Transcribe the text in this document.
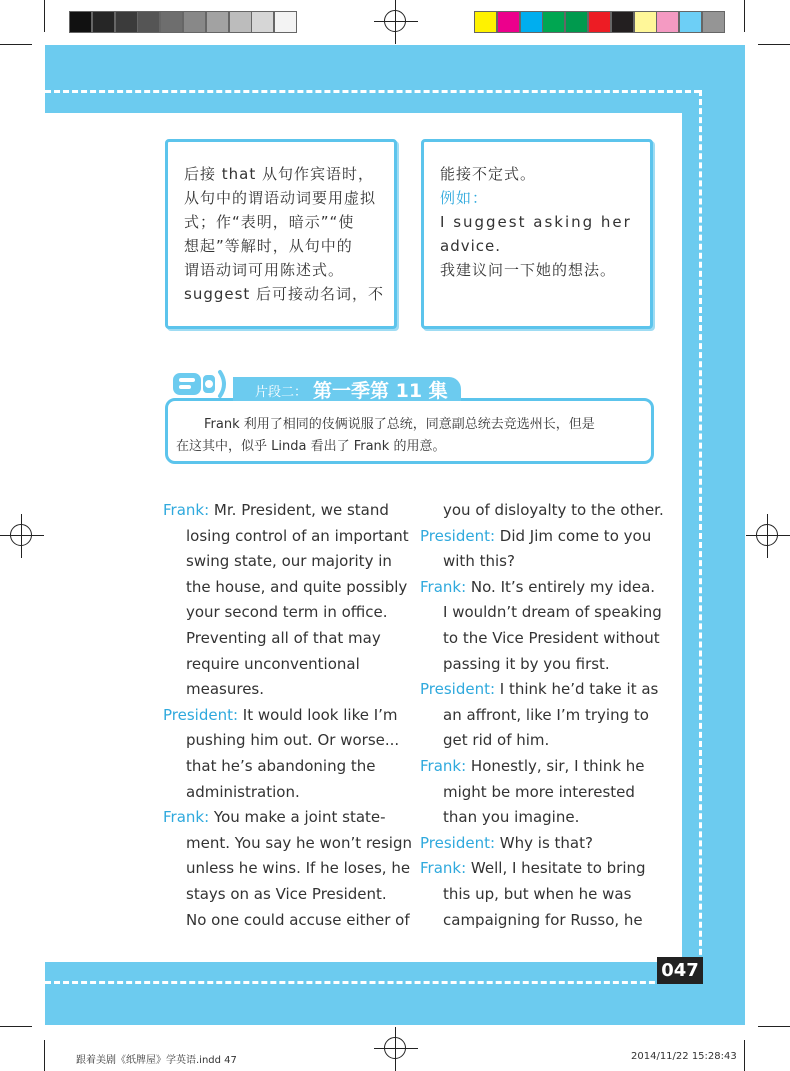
后接 that 从句作宾语时，
从句中的谓语动词要用虚拟
式；作“表明，暗示”“使
想起”等解时，从句中的
谓语动词可用陈述式。
suggest 后可接动名词，不
能接不定式。
例如：
I suggest asking her
advice.
我建议问一下她的想法。
Frank 利用了相同的伎俩说服了总统，同意副总统去竞选州长，但是
在这其中，似乎 Linda 看出了 Frank 的用意。
片段二： 第一季第 11 集
Frank: Mr. President, we stand
losing control of an important
swing state, our majority in
the house, and quite possibly
your second term in office.
Preventing all of that may
require unconventional
measures.
President: It would look like I’m
pushing him out. Or worse...
that he’s abandoning the
administration.
Frank: You make a joint state-
ment. You say he won’t resign
unless he wins. If he loses, he
stays on as Vice President.
No one could accuse either of
you of disloyalty to the other.
President: Did Jim come to you
with this?
Frank: No. It’s entirely my idea.
I wouldn’t dream of speaking
to the Vice President without
passing it by you first.
President: I think he’d take it as
an affront, like I’m trying to
get rid of him.
Frank: Honestly, sir, I think he
might be more interested
than you imagine.
President: Why is that?
Frank: Well, I hesitate to bring
this up, but when he was
campaigning for Russo, he
047
跟着美剧《纸牌屋》学英语.indd 47	2014/11/22 15:28:43
